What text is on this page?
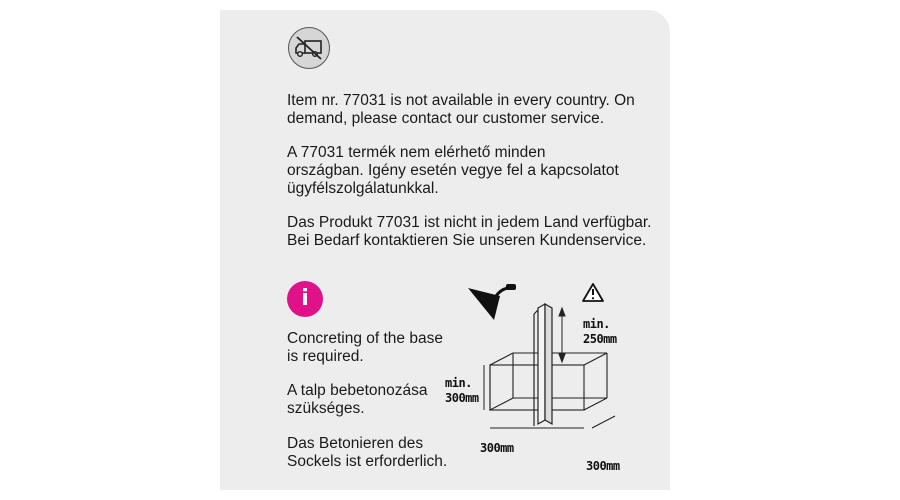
Item nr. 77031 is not available in every country. On
demand, please contact our customer service.

A 77031 termék nem elérhető minden
országban. Igény esetén vegye fel a kapcsolatot
ügyfélszolgálatunkkal.

Das Produkt 77031 ist nicht in jedem Land verfügbar.
Bei Bedarf kontaktieren Sie unseren Kundenservice.

i

Concreting of the base
is required.

A talp bebetonozása
szükséges.

Das Betonieren des
Sockels ist erforderlich.

min.
250mm
min.
300mm
300mm
300mm
